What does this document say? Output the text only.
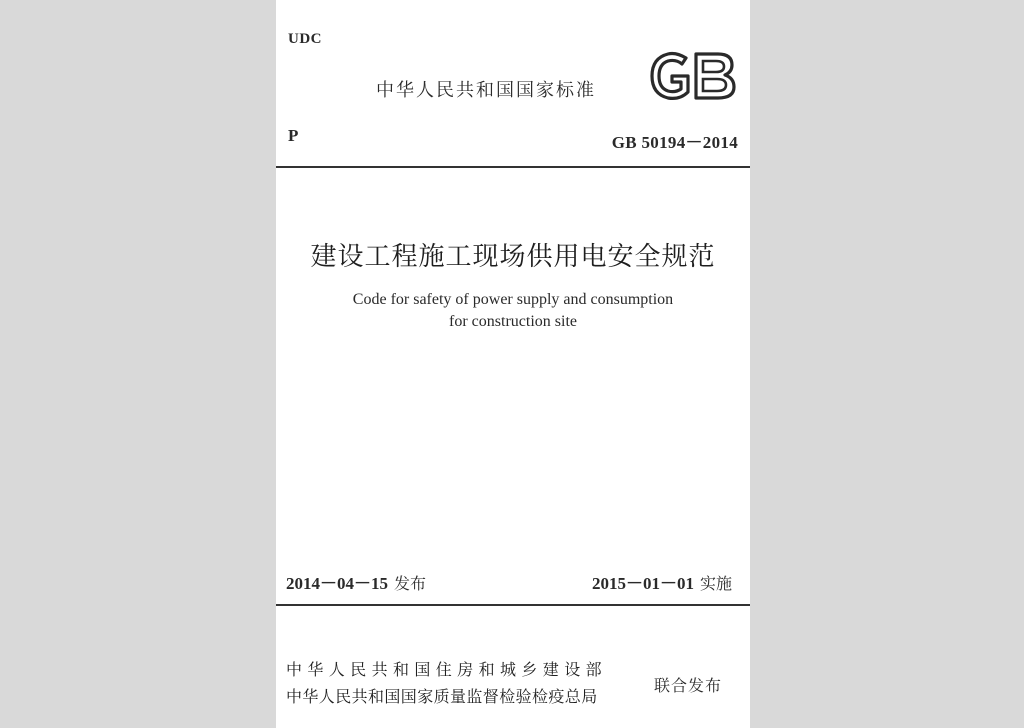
UDC
中华人民共和国国家标准
P	GB 50194－2014
建设工程施工现场供用电安全规范
Code for safety of power supply and consumption
for construction site
2014－04－15 发布	2015－01－01 实施
中华人民共和国住房和城乡建设部
中华人民共和国国家质量监督检验检疫总局
联合发布
